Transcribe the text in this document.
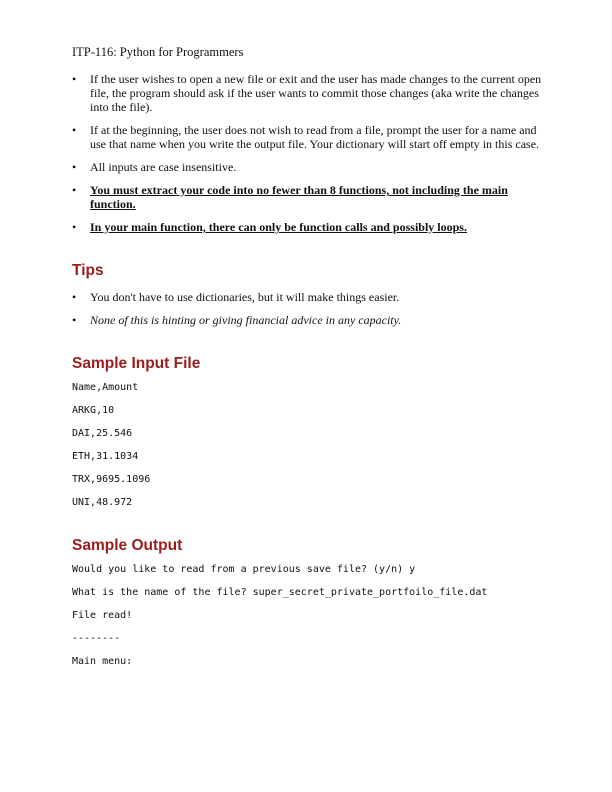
ITP-116: Python for Programmers
• If the user wishes to open a new file or exit and the user has made changes to the current open file, the program should ask if the user wants to commit those changes (aka write the changes into the file).
• If at the beginning, the user does not wish to read from a file, prompt the user for a name and use that name when you write the output file. Your dictionary will start off empty in this case.
• All inputs are case insensitive.
• You must extract your code into no fewer than 8 functions, not including the main function.
• In your main function, there can only be function calls and possibly loops.
Tips
• You don't have to use dictionaries, but it will make things easier.
• None of this is hinting or giving financial advice in any capacity.
Sample Input File

Name,Amount

ARKG,10

DAI,25.546

ETH,31.1034

TRX,9695.1096

UNI,48.972

Sample Output

Would you like to read from a previous save file? (y/n) y

What is the name of the file? super_secret_private_portfoilo_file.dat

File read!

--------

Main menu:
